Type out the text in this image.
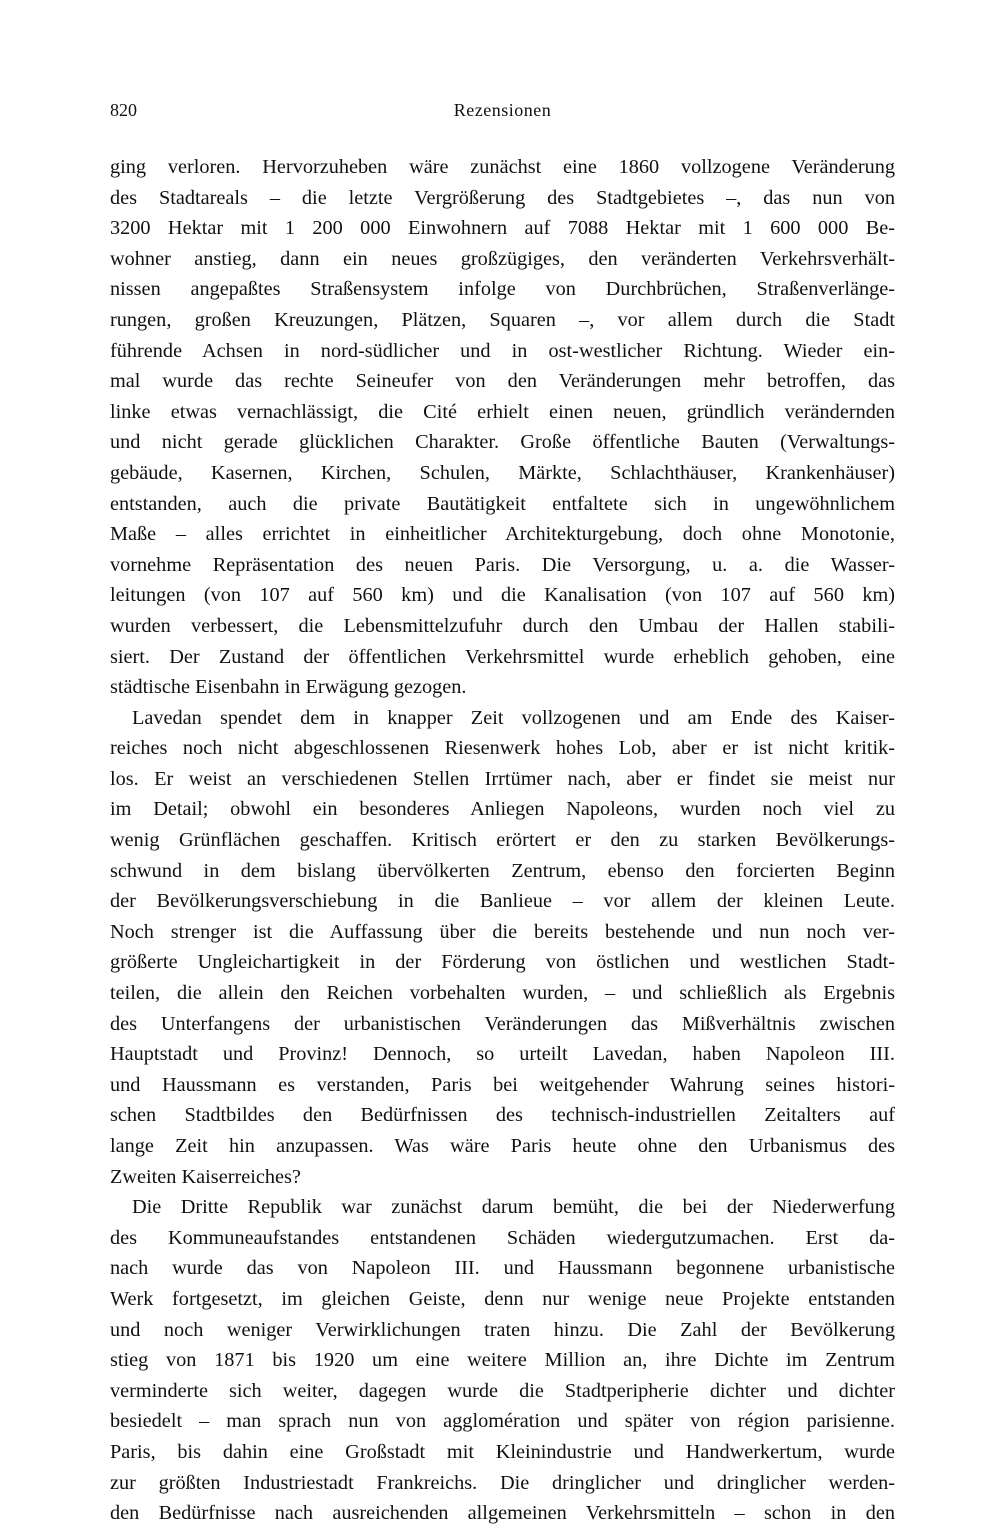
820	Rezensionen
ging verloren. Hervorzuheben wäre zunächst eine 1860 vollzogene Veränderung
des Stadtareals – die letzte Vergrößerung des Stadtgebietes –, das nun von
3200 Hektar mit 1 200 000 Einwohnern auf 7088 Hektar mit 1 600 000 Be-
wohner anstieg, dann ein neues großzügiges, den veränderten Verkehrsverhält-
nissen angepaßtes Straßensystem infolge von Durchbrüchen, Straßenverlänge-
rungen, großen Kreuzungen, Plätzen, Squaren –, vor allem durch die Stadt
führende Achsen in nord-südlicher und in ost-westlicher Richtung. Wieder ein-
mal wurde das rechte Seineufer von den Veränderungen mehr betroffen, das
linke etwas vernachlässigt, die Cité erhielt einen neuen, gründlich verändernden
und nicht gerade glücklichen Charakter. Große öffentliche Bauten (Verwaltungs-
gebäude, Kasernen, Kirchen, Schulen, Märkte, Schlachthäuser, Krankenhäuser)
entstanden, auch die private Bautätigkeit entfaltete sich in ungewöhnlichem
Maße – alles errichtet in einheitlicher Architekturgebung, doch ohne Monotonie,
vornehme Repräsentation des neuen Paris. Die Versorgung, u. a. die Wasser-
leitungen (von 107 auf 560 km) und die Kanalisation (von 107 auf 560 km)
wurden verbessert, die Lebensmittelzufuhr durch den Umbau der Hallen stabili-
siert. Der Zustand der öffentlichen Verkehrsmittel wurde erheblich gehoben, eine
städtische Eisenbahn in Erwägung gezogen.
Lavedan spendet dem in knapper Zeit vollzogenen und am Ende des Kaiser-
reiches noch nicht abgeschlossenen Riesenwerk hohes Lob, aber er ist nicht kritik-
los. Er weist an verschiedenen Stellen Irrtümer nach, aber er findet sie meist nur
im Detail; obwohl ein besonderes Anliegen Napoleons, wurden noch viel zu
wenig Grünflächen geschaffen. Kritisch erörtert er den zu starken Bevölkerungs-
schwund in dem bislang übervölkerten Zentrum, ebenso den forcierten Beginn
der Bevölkerungsverschiebung in die Banlieue – vor allem der kleinen Leute.
Noch strenger ist die Auffassung über die bereits bestehende und nun noch ver-
größerte Ungleichartigkeit in der Förderung von östlichen und westlichen Stadt-
teilen, die allein den Reichen vorbehalten wurden, – und schließlich als Ergebnis
des Unterfangens der urbanistischen Veränderungen das Mißverhältnis zwischen
Hauptstadt und Provinz! Dennoch, so urteilt Lavedan, haben Napoleon III.
und Haussmann es verstanden, Paris bei weitgehender Wahrung seines histori-
schen Stadtbildes den Bedürfnissen des technisch-industriellen Zeitalters auf
lange Zeit hin anzupassen. Was wäre Paris heute ohne den Urbanismus des
Zweiten Kaiserreiches?
Die Dritte Republik war zunächst darum bemüht, die bei der Niederwerfung
des Kommuneaufstandes entstandenen Schäden wiedergutzumachen. Erst da-
nach wurde das von Napoleon III. und Haussmann begonnene urbanistische
Werk fortgesetzt, im gleichen Geiste, denn nur wenige neue Projekte entstanden
und noch weniger Verwirklichungen traten hinzu. Die Zahl der Bevölkerung
stieg von 1871 bis 1920 um eine weitere Million an, ihre Dichte im Zentrum
verminderte sich weiter, dagegen wurde die Stadtperipherie dichter und dichter
besiedelt – man sprach nun von agglomération und später von région parisienne.
Paris, bis dahin eine Großstadt mit Kleinindustrie und Handwerkertum, wurde
zur größten Industriestadt Frankreichs. Die dringlicher und dringlicher werden-
den Bedürfnisse nach ausreichenden allgemeinen Verkehrsmitteln – schon in den
